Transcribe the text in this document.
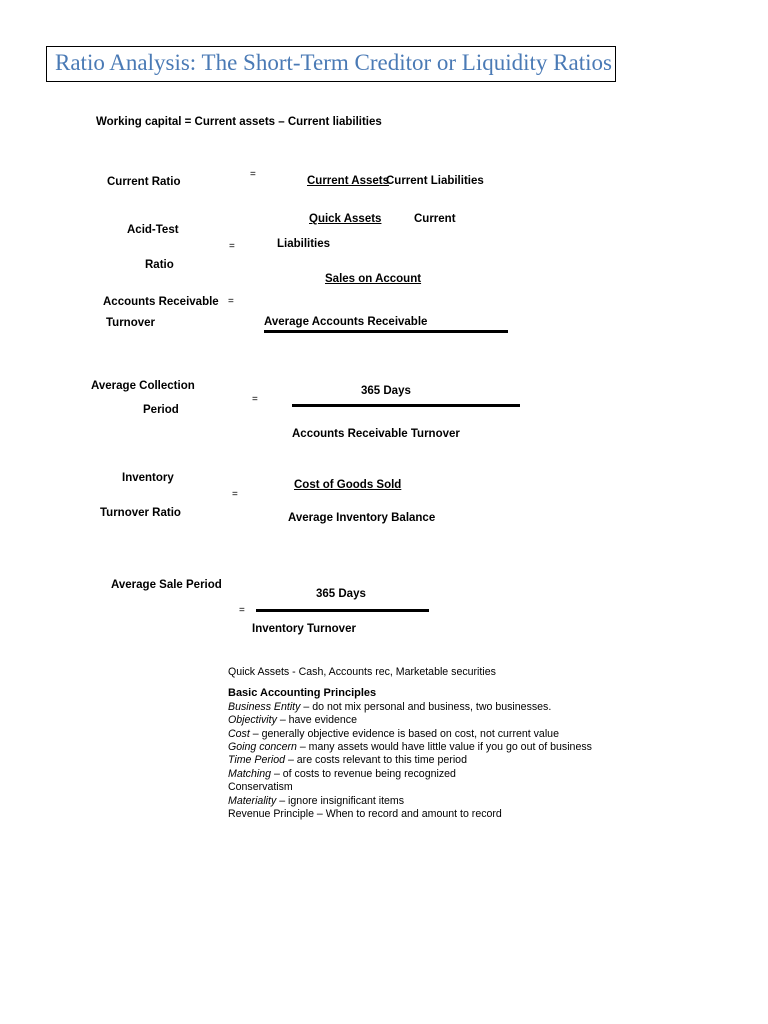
Ratio Analysis: The Short-Term Creditor or Liquidity Ratios
Working capital = Current assets – Current liabilities
Current Ratio
=
Current Assets
Current Liabilities
Quick Assets	Current
Acid-Test
=	Liabilities
Ratio
Sales on Account
Accounts Receivable =
Turnover	Average Accounts Receivable
Average Collection	365 Days
=
Period
Accounts Receivable Turnover
Inventory
Cost of Goods Sold
=
Turnover Ratio	Average Inventory Balance
Average Sale Period
365 Days
=
Inventory Turnover
Quick Assets - Cash, Accounts rec, Marketable securities
Basic Accounting Principles
Business Entity – do not mix personal and business, two businesses.
Objectivity – have evidence
Cost – generally objective evidence is based on cost, not current value
Going concern – many assets would have little value if you go out of business
Time Period – are costs relevant to this time period
Matching – of costs to revenue being recognized
Conservatism
Materiality – ignore insignificant items
Revenue Principle – When to record and amount to record
